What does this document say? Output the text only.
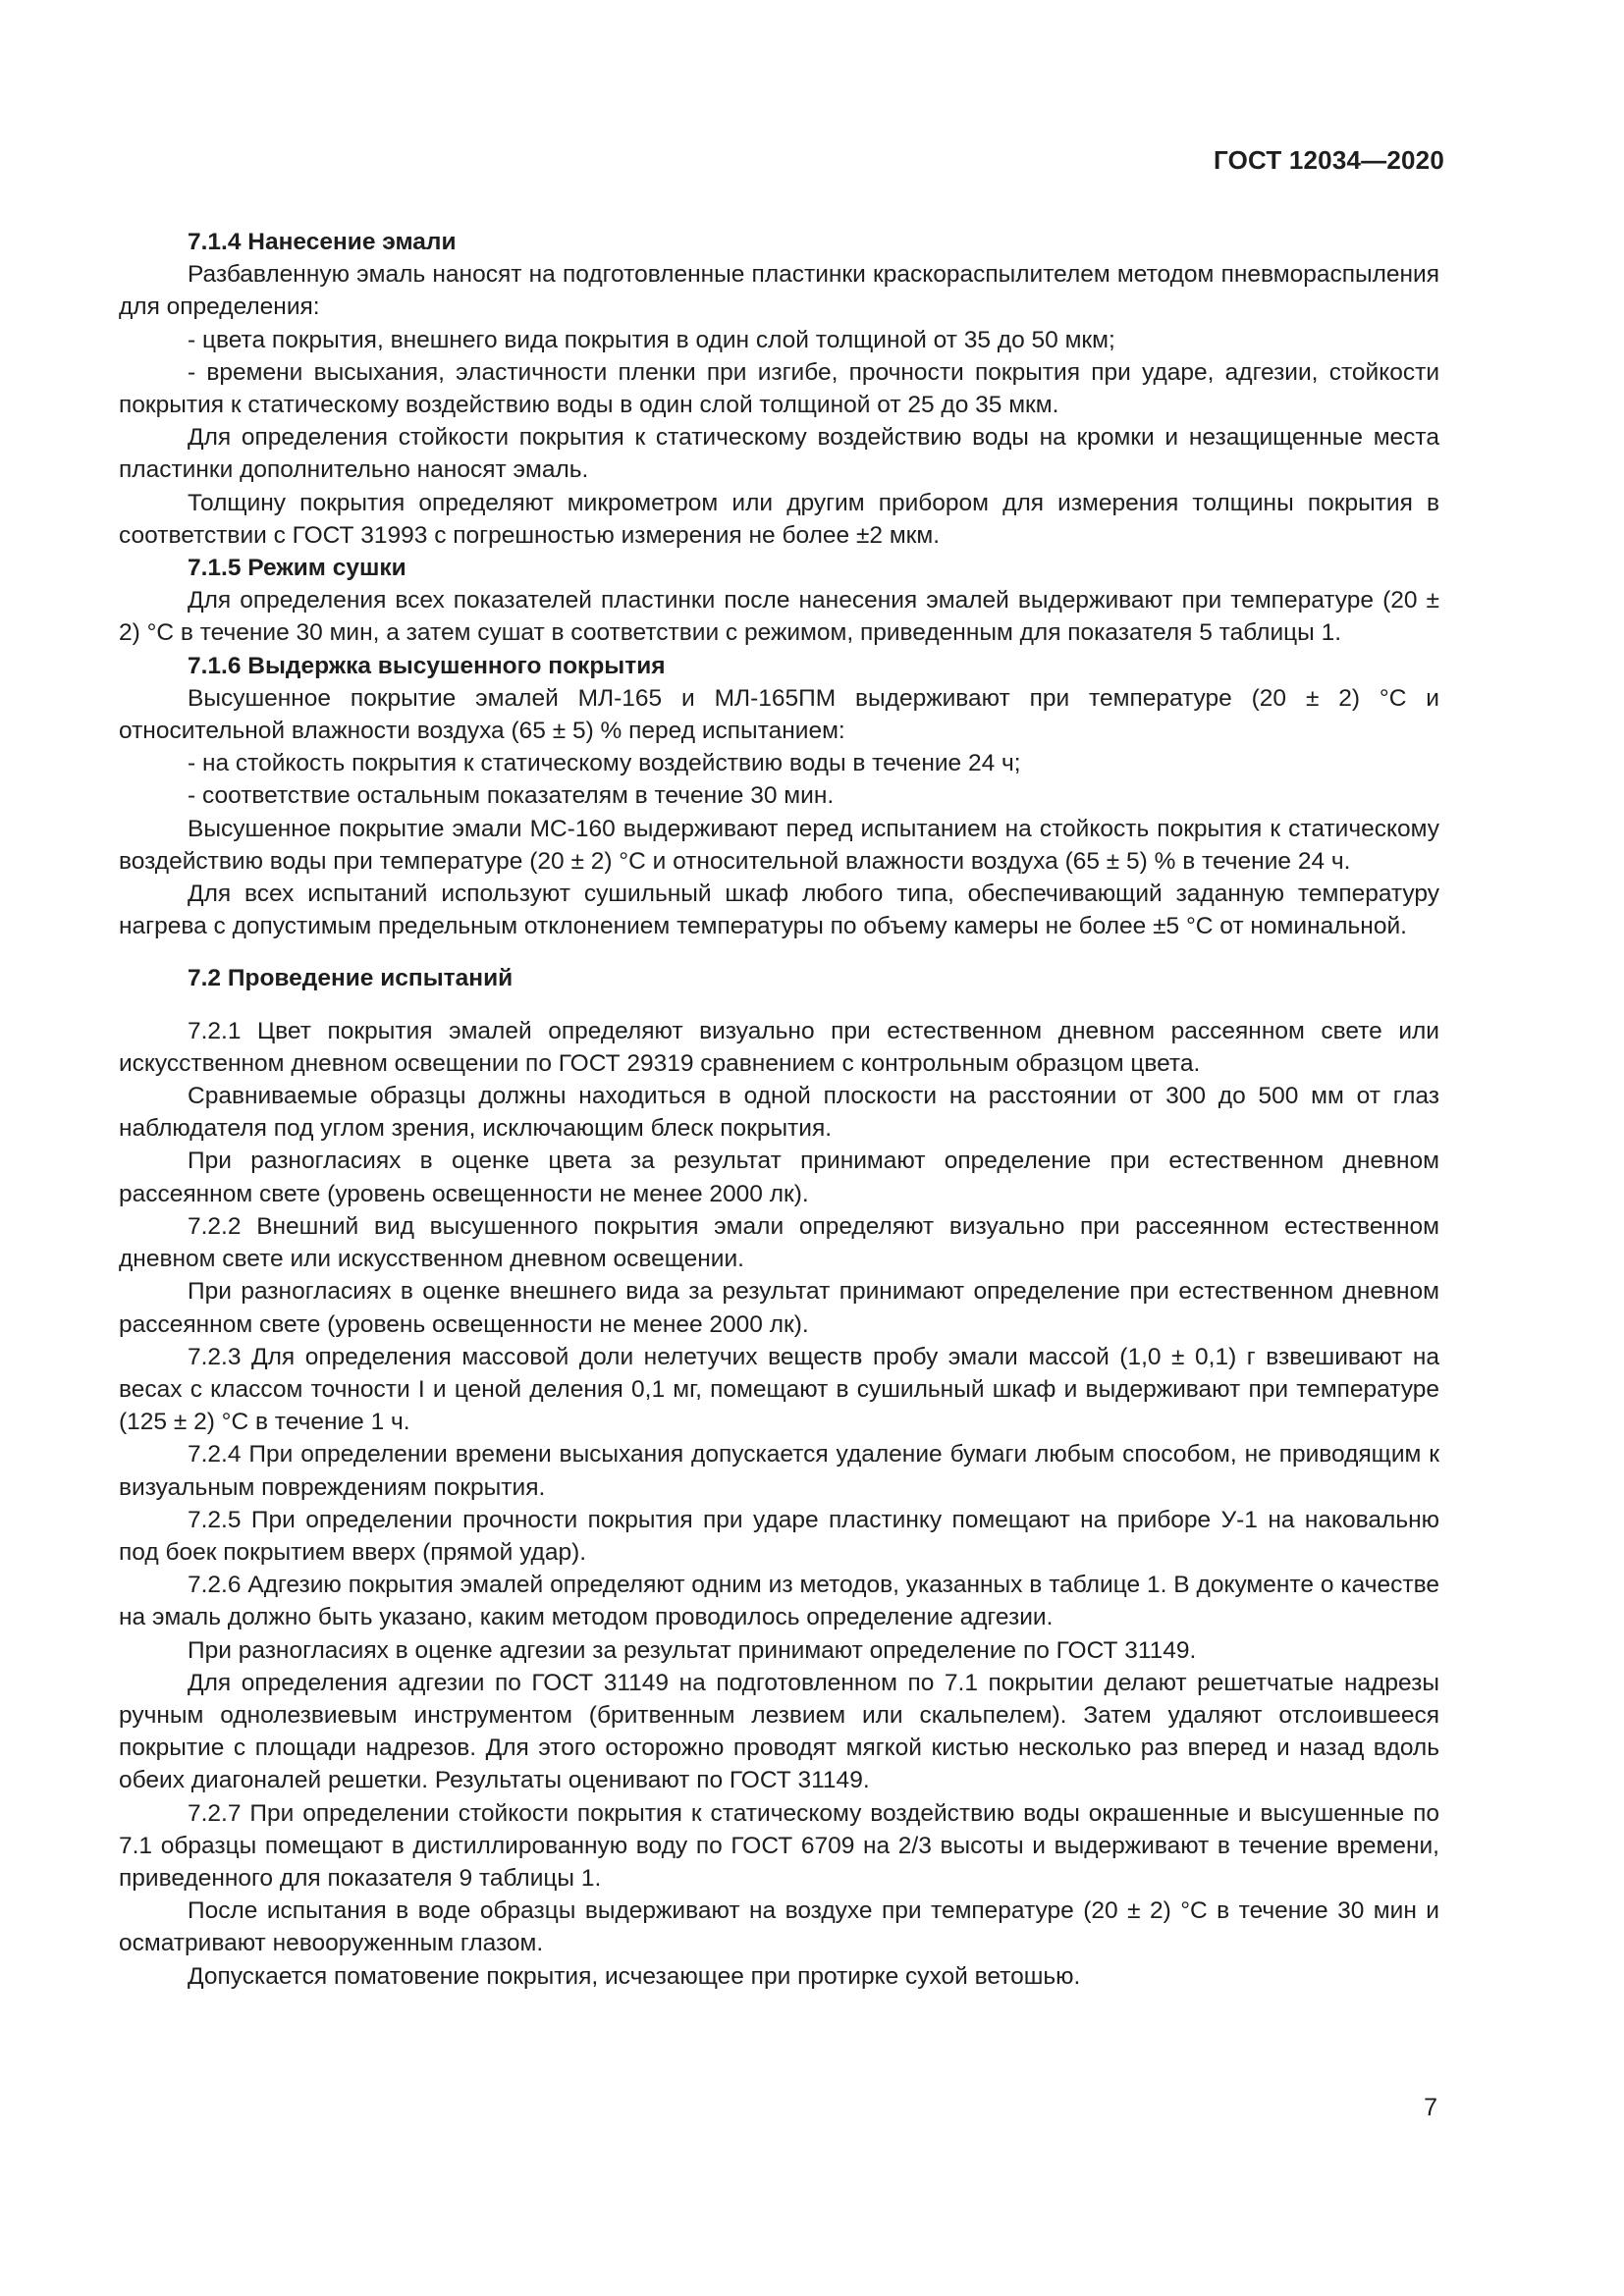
ГОСТ 12034—2020

7.1.4 Нанесение эмали

Разбавленную эмаль наносят на подготовленные пластинки краскораспылителем методом пневмораспыления для определения:

- цвета покрытия, внешнего вида покрытия в один слой толщиной от 35 до 50 мкм;

- времени высыхания, эластичности пленки при изгибе, прочности покрытия при ударе, адгезии, стойкости покрытия к статическому воздействию воды в один слой толщиной от 25 до 35 мкм.

Для определения стойкости покрытия к статическому воздействию воды на кромки и незащищенные места пластинки дополнительно наносят эмаль.

Толщину покрытия определяют микрометром или другим прибором для измерения толщины покрытия в соответствии с ГОСТ 31993 с погрешностью измерения не более ±2 мкм.

7.1.5 Режим сушки

Для определения всех показателей пластинки после нанесения эмалей выдерживают при температуре (20 ± 2) °С в течение 30 мин, а затем сушат в соответствии с режимом, приведенным для показателя 5 таблицы 1.

7.1.6 Выдержка высушенного покрытия

Высушенное покрытие эмалей МЛ-165 и МЛ-165ПМ выдерживают при температуре (20 ± 2) °С и относительной влажности воздуха (65 ± 5) % перед испытанием:

- на стойкость покрытия к статическому воздействию воды в течение 24 ч;

- соответствие остальным показателям в течение 30 мин.

Высушенное покрытие эмали МС-160 выдерживают перед испытанием на стойкость покрытия к статическому воздействию воды при температуре (20 ± 2) °С и относительной влажности воздуха (65 ± 5) % в течение 24 ч.

Для всех испытаний используют сушильный шкаф любого типа, обеспечивающий заданную температуру нагрева с допустимым предельным отклонением температуры по объему камеры не более ±5 °С от номинальной.

7.2 Проведение испытаний

7.2.1 Цвет покрытия эмалей определяют визуально при естественном дневном рассеянном свете или искусственном дневном освещении по ГОСТ 29319 сравнением с контрольным образцом цвета.

Сравниваемые образцы должны находиться в одной плоскости на расстоянии от 300 до 500 мм от глаз наблюдателя под углом зрения, исключающим блеск покрытия.

При разногласиях в оценке цвета за результат принимают определение при естественном дневном рассеянном свете (уровень освещенности не менее 2000 лк).

7.2.2 Внешний вид высушенного покрытия эмали определяют визуально при рассеянном естественном дневном свете или искусственном дневном освещении.

При разногласиях в оценке внешнего вида за результат принимают определение при естественном дневном рассеянном свете (уровень освещенности не менее 2000 лк).

7.2.3 Для определения массовой доли нелетучих веществ пробу эмали массой (1,0 ± 0,1) г взвешивают на весах с классом точности I и ценой деления 0,1 мг, помещают в сушильный шкаф и выдерживают при температуре (125 ± 2) °С в течение 1 ч.

7.2.4 При определении времени высыхания допускается удаление бумаги любым способом, не приводящим к визуальным повреждениям покрытия.

7.2.5 При определении прочности покрытия при ударе пластинку помещают на приборе У-1 на наковальню под боек покрытием вверх (прямой удар).

7.2.6 Адгезию покрытия эмалей определяют одним из методов, указанных в таблице 1. В документе о качестве на эмаль должно быть указано, каким методом проводилось определение адгезии.

При разногласиях в оценке адгезии за результат принимают определение по ГОСТ 31149.

Для определения адгезии по ГОСТ 31149 на подготовленном по 7.1 покрытии делают решетчатые надрезы ручным однолезвиевым инструментом (бритвенным лезвием или скальпелем). Затем удаляют отслоившееся покрытие с площади надрезов. Для этого осторожно проводят мягкой кистью несколько раз вперед и назад вдоль обеих диагоналей решетки. Результаты оценивают по ГОСТ 31149.

7.2.7 При определении стойкости покрытия к статическому воздействию воды окрашенные и высушенные по 7.1 образцы помещают в дистиллированную воду по ГОСТ 6709 на 2/3 высоты и выдерживают в течение времени, приведенного для показателя 9 таблицы 1.

После испытания в воде образцы выдерживают на воздухе при температуре (20 ± 2) °С в течение 30 мин и осматривают невооруженным глазом.

Допускается поматовение покрытия, исчезающее при протирке сухой ветошью.

7
